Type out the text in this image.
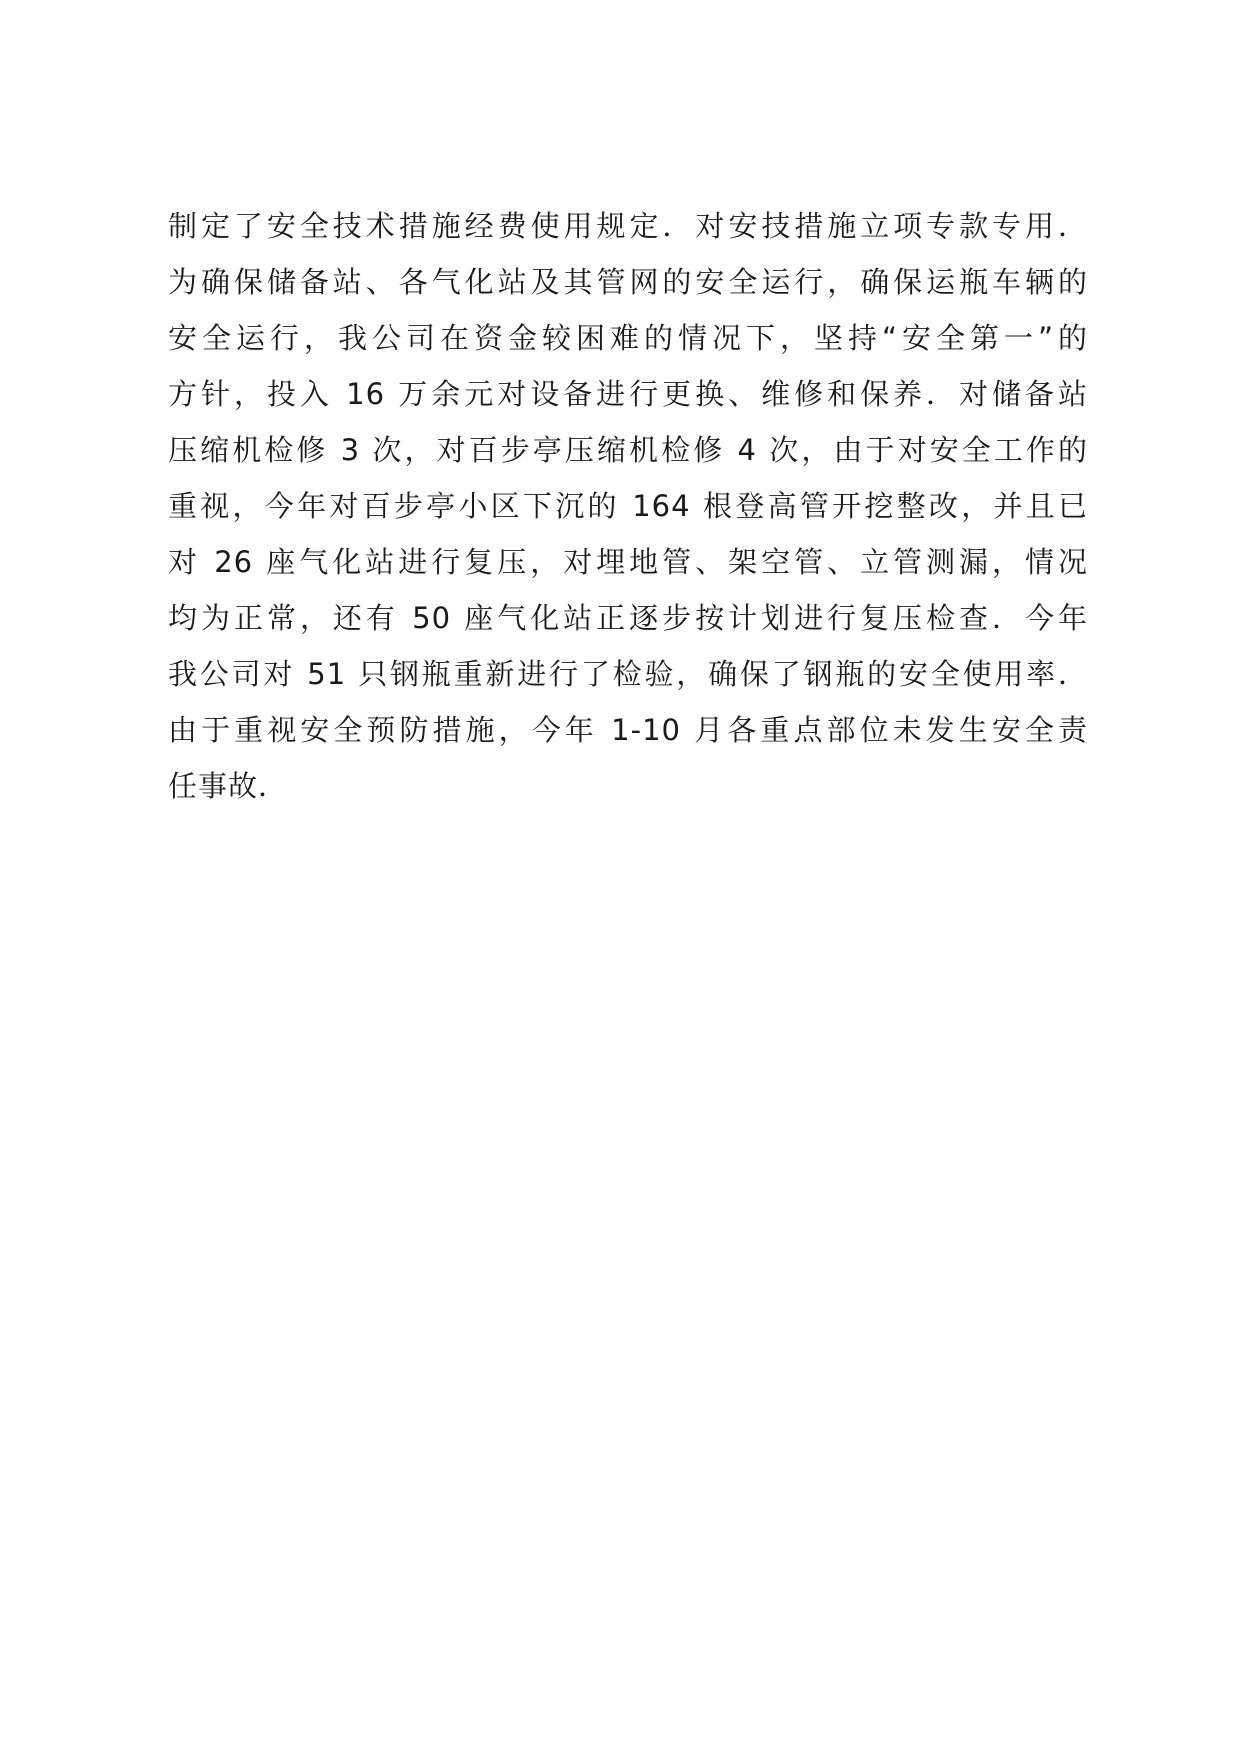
制定了安全技术措施经费使用规定．对安技措施立项专款专用．
为确保储备站、各气化站及其管网的安全运行，确保运瓶车辆的
安全运行，我公司在资金较困难的情况下，坚持“安全第一”的
方针，投入 16 万余元对设备进行更换、维修和保养．对储备站
压缩机检修 3 次，对百步亭压缩机检修 4 次，由于对安全工作的
重视，今年对百步亭小区下沉的 164 根登高管开挖整改，并且已
对 26 座气化站进行复压，对埋地管、架空管、立管测漏，情况
均为正常，还有 50 座气化站正逐步按计划进行复压检查．今年
我公司对 51 只钢瓶重新进行了检验，确保了钢瓶的安全使用率．
由于重视安全预防措施，今年 1-10 月各重点部位未发生安全责
任事故．
